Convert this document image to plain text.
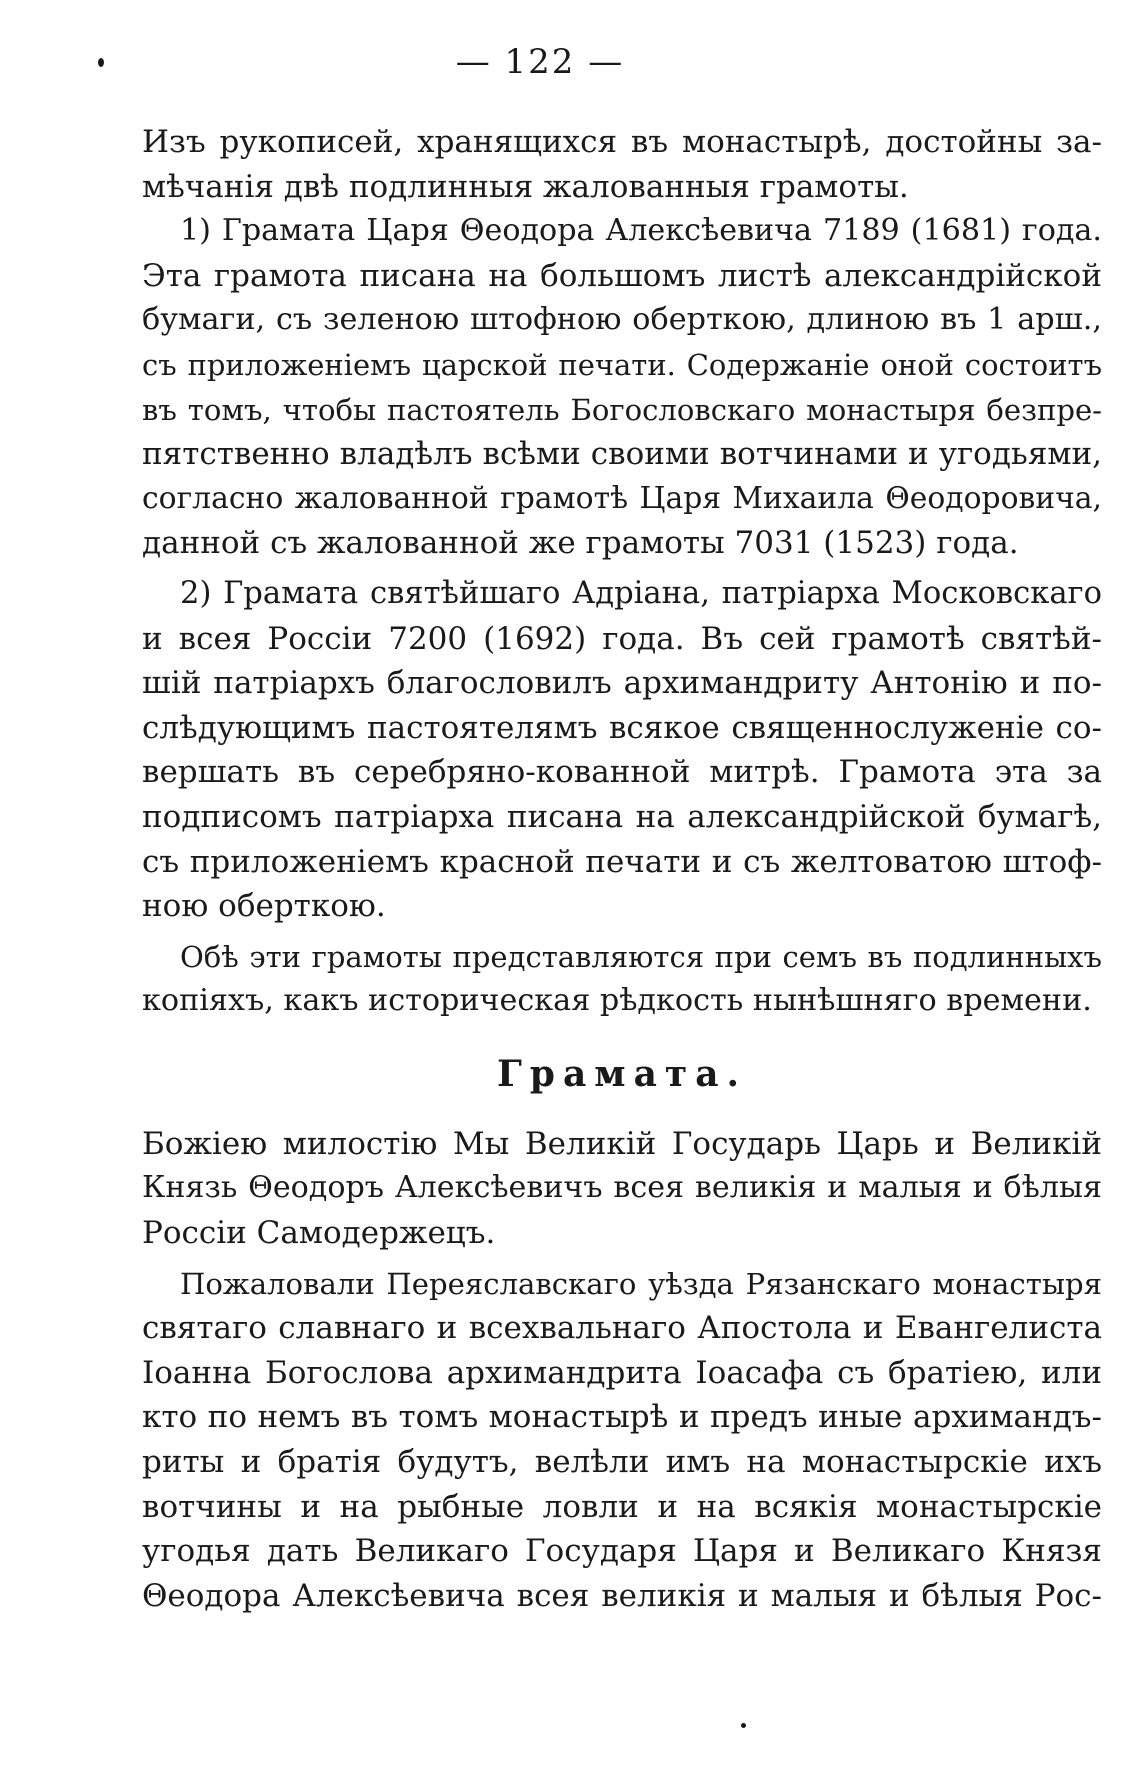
— 122 —
Изъ рукописей, хранящихся въ монастырѣ, достойны за-
мѣчанія двѣ подлинныя жалованныя грамоты.
1) Грамата Царя Θеодора Алексѣевича 7189 (1681) года.
Эта грамота писана на большомъ листѣ александрійской
бумаги, съ зеленою штофною оберткою, длиною въ 1 арш.,
съ приложеніемъ царской печати. Содержаніе оной состоитъ
въ томъ, чтобы пастоятель Богословскаго монастыря безпре-
пятственно владѣлъ всѣми своими вотчинами и угодьями,
согласно жалованной грамотѣ Царя Михаила Θеодоровича,
данной съ жалованной же грамоты 7031 (1523) года.
2) Грамата святѣйшаго Адріана, патріарха Московскаго
и всея Россіи 7200 (1692) года. Въ сей грамотѣ святѣй-
шій патріархъ благословилъ архимандриту Антонію и по-
слѣдующимъ пастоятелямъ всякое священнослуженіе со-
вершать въ серебряно-кованной митрѣ. Грамота эта за
подписомъ патріарха писана на александрійской бумагѣ,
съ приложеніемъ красной печати и съ желтоватою штоф-
ною оберткою.
Обѣ эти грамоты представляются при семъ въ подлинныхъ
копіяхъ, какъ историческая рѣдкость нынѣшняго времени.
Грамата.
Божіею милостію Мы Великій Государь Царь и Великій
Князь Θеодоръ Алексѣевичъ всея великія и малыя и бѣлыя
Россіи Самодержецъ.
Пожаловали Переяславскаго уѣзда Рязанскаго монастыря
святаго славнаго и всехвальнаго Апостола и Евангелиста
Іоанна Богослова архимандрита Іоасафа съ братіею, или
кто по немъ въ томъ монастырѣ и предъ иные архимандъ-
риты и братія будутъ, велѣли имъ на монастырскіе ихъ
вотчины и на рыбные ловли и на всякія монастырскіе
угодья дать Великаго Государя Царя и Великаго Князя
Θеодора Алексѣевича всея великія и малыя и бѣлыя Рос-
